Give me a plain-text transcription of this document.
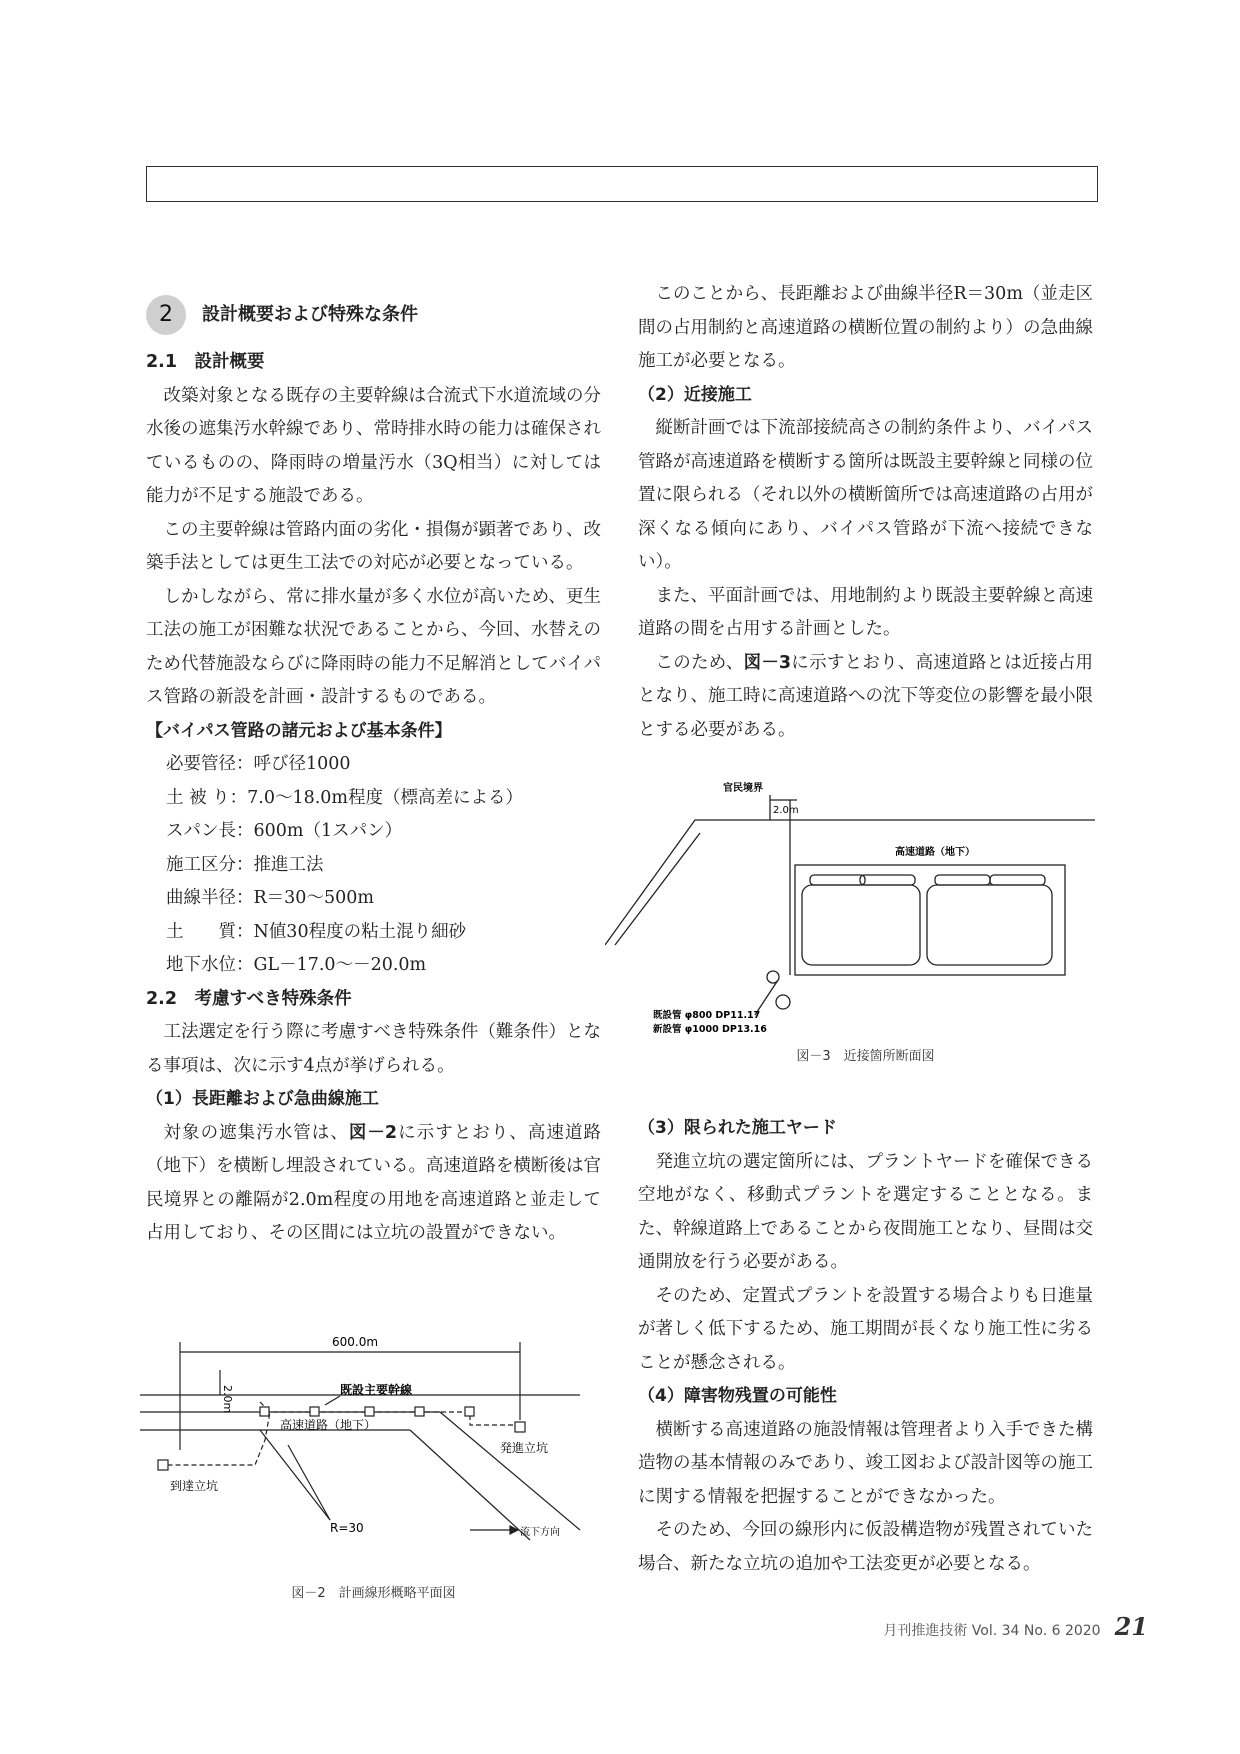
2	設計概要および特殊な条件
2.1　設計概要

改築対象となる既存の主要幹線は合流式下水道流域の分水後の遮集汚水幹線であり、常時排水時の能力は確保されているものの、降雨時の増量汚水（3Q相当）に対しては能力が不足する施設である。

この主要幹線は管路内面の劣化・損傷が顕著であり、改築手法としては更生工法での対応が必要となっている。

しかしながら、常に排水量が多く水位が高いため、更生工法の施工が困難な状況であることから、今回、水替えのため代替施設ならびに降雨時の能力不足解消としてバイパス管路の新設を計画・設計するものである。

【バイパス管路の諸元および基本条件】
必要管径：呼び径1000
土 被 り：7.0～18.0m程度（標高差による）
スパン長：600m（1スパン）
施工区分：推進工法
曲線半径：R＝30～500m
土　　質：N値30程度の粘土混り細砂
地下水位：GL－17.0～－20.0m
2.2　考慮すべき特殊条件

工法選定を行う際に考慮すべき特殊条件（難条件）となる事項は、次に示す4点が挙げられる。

（1）長距離および急曲線施工

対象の遮集汚水管は、図－2に示すとおり、高速道路（地下）を横断し埋設されている。高速道路を横断後は官民境界との離隔が2.0m程度の用地を高速道路と並走して占用しており、その区間には立坑の設置ができない。

600.0m
2.0m	既設主要幹線
高速道路（地下）
発進立坑
到達立坑
R=30	流下方向
図－2　計画線形概略平面図

このことから、長距離および曲線半径R＝30m（並走区間の占用制約と高速道路の横断位置の制約より）の急曲線施工が必要となる。

（2）近接施工

縦断計画では下流部接続高さの制約条件より、バイパス管路が高速道路を横断する箇所は既設主要幹線と同様の位置に限られる（それ以外の横断箇所では高速道路の占用が深くなる傾向にあり、バイパス管路が下流へ接続できない）。

また、平面計画では、用地制約より既設主要幹線と高速道路の間を占用する計画とした。

このため、図－3に示すとおり、高速道路とは近接占用となり、施工時に高速道路への沈下等変位の影響を最小限とする必要がある。

官民境界
2.0m
高速道路（地下）
既設管 φ800 DP11.17
新設管 φ1000 DP13.16
図－3　近接箇所断面図
（3）限られた施工ヤード

発進立坑の選定箇所には、プラントヤードを確保できる空地がなく、移動式プラントを選定することとなる。また、幹線道路上であることから夜間施工となり、昼間は交通開放を行う必要がある。

そのため、定置式プラントを設置する場合よりも日進量が著しく低下するため、施工期間が長くなり施工性に劣ることが懸念される。

（4）障害物残置の可能性

横断する高速道路の施設情報は管理者より入手できた構造物の基本情報のみであり、竣工図および設計図等の施工に関する情報を把握することができなかった。

そのため、今回の線形内に仮設構造物が残置されていた場合、新たな立坑の追加や工法変更が必要となる。

月刊推進技術 Vol. 34 No. 6 2020 21
